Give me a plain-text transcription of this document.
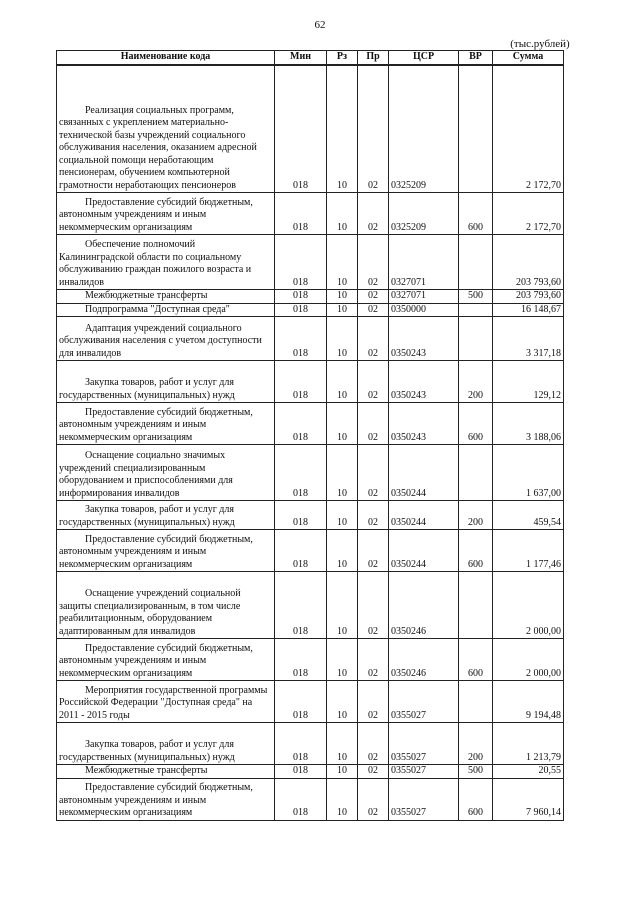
62
(тыс.рублей)
Наименование кода	Мин	Рз	Пр	ЦСР	ВР	Сумма

Реализация социальных программ, связанных с укреплением материально-технической базы учреждений социального обслуживания населения, оказанием адресной социальной помощи неработающим пенсионерам, обучением компьютерной грамотности неработающих пенсионеров	018	10	02	0325209		2 172,70

Предоставление субсидий бюджетным, автономным учреждениям и иным некоммерческим организациям	018	10	02	0325209	600	2 172,70

Обеспечение полномочий Калининградской области по социальному обслуживанию граждан пожилого возраста и инвалидов	018	10	02	0327071		203 793,60

Межбюджетные трансферты	018	10	02	0327071	500	203 793,60

Подпрограмма "Доступная среда"	018	10	02	0350000		16 148,67

Адаптация учреждений социального обслуживания населения с учетом доступности для инвалидов	018	10	02	0350243		3 317,18

Закупка товаров, работ и услуг для государственных (муниципальных) нужд	018	10	02	0350243	200	129,12

Предоставление субсидий бюджетным, автономным учреждениям и иным некоммерческим организациям	018	10	02	0350243	600	3 188,06

Оснащение социально значимых учреждений специализированным оборудованием и приспособлениями для информирования инвалидов	018	10	02	0350244		1 637,00

Закупка товаров, работ и услуг для государственных (муниципальных) нужд	018	10	02	0350244	200	459,54

Предоставление субсидий бюджетным, автономным учреждениям и иным некоммерческим организациям	018	10	02	0350244	600	1 177,46

Оснащение учреждений социальной защиты специализированным, в том числе реабилитационным, оборудованием адаптированным для инвалидов	018	10	02	0350246		2 000,00

Предоставление субсидий бюджетным, автономным учреждениям и иным некоммерческим организациям	018	10	02	0350246	600	2 000,00

Мероприятия государственной программы Российской Федерации "Доступная среда" на 2011 - 2015 годы	018	10	02	0355027		9 194,48

Закупка товаров, работ и услуг для государственных (муниципальных) нужд	018	10	02	0355027	200	1 213,79

Межбюджетные трансферты	018	10	02	0355027	500	20,55

Предоставление субсидий бюджетным, автономным учреждениям и иным некоммерческим организациям	018	10	02	0355027	600	7 960,14
